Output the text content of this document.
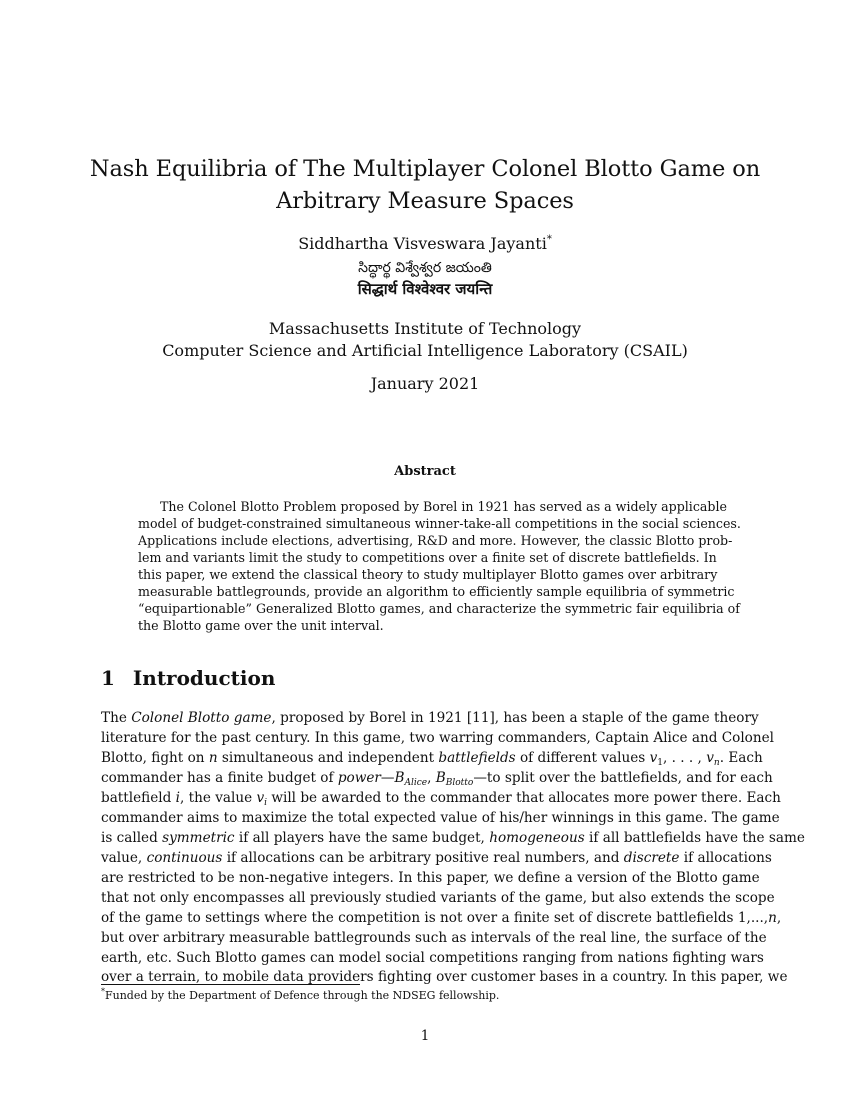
Nash Equilibria of The Multiplayer Colonel Blotto Game on
Arbitrary Measure Spaces
Siddhartha Visveswara Jayanti*
సిద్ధార్థ విశ్వేశ్వర జయంతి
सिद्धार्थ विश्वेश्वर जयन्ति
Massachusetts Institute of Technology
Computer Science and Artificial Intelligence Laboratory (CSAIL)
January 2021
Abstract
The Colonel Blotto Problem proposed by Borel in 1921 has served as a widely applicable
model of budget-constrained simultaneous winner-take-all competitions in the social sciences.
Applications include elections, advertising, R&D and more. However, the classic Blotto prob-
lem and variants limit the study to competitions over a finite set of discrete battlefields. In
this paper, we extend the classical theory to study multiplayer Blotto games over arbitrary
measurable battlegrounds, provide an algorithm to efficiently sample equilibria of symmetric
“equipartionable” Generalized Blotto games, and characterize the symmetric fair equilibria of
the Blotto game over the unit interval.
1 Introduction
The Colonel Blotto game, proposed by Borel in 1921 [11], has been a staple of the game theory
literature for the past century. In this game, two warring commanders, Captain Alice and Colonel
Blotto, fight on n simultaneous and independent battlefields of different values $v_1$, . . . , $v_n$. Each
commander has a finite budget of $power—B_{Alice}$, $B_{Blotto}—to$ split over the battlefields, and for each
battlefield i, the value $v_i$ will be awarded to the commander that allocates more power there. Each
commander aims to maximize the total expected value of his/her winnings in this game. The game
is called symmetric if all players have the same budget, homogeneous if all battlefields have the same
value, continuous if allocations can be arbitrary positive real numbers, and discrete if allocations
are restricted to be non-negative integers. In this paper, we define a version of the Blotto game
that not only encompasses all previously studied variants of the game, but also extends the scope
of the game to settings where the competition is not over a finite set of discrete battlefields 1,...,n,
but over arbitrary measurable battlegrounds such as intervals of the real line, the surface of the
earth, etc. Such Blotto games can model social competitions ranging from nations fighting wars
over a terrain, to mobile data providers fighting over customer bases in a country. In this paper, we
*Funded by the Department of Defence through the NDSEG fellowship.
1
